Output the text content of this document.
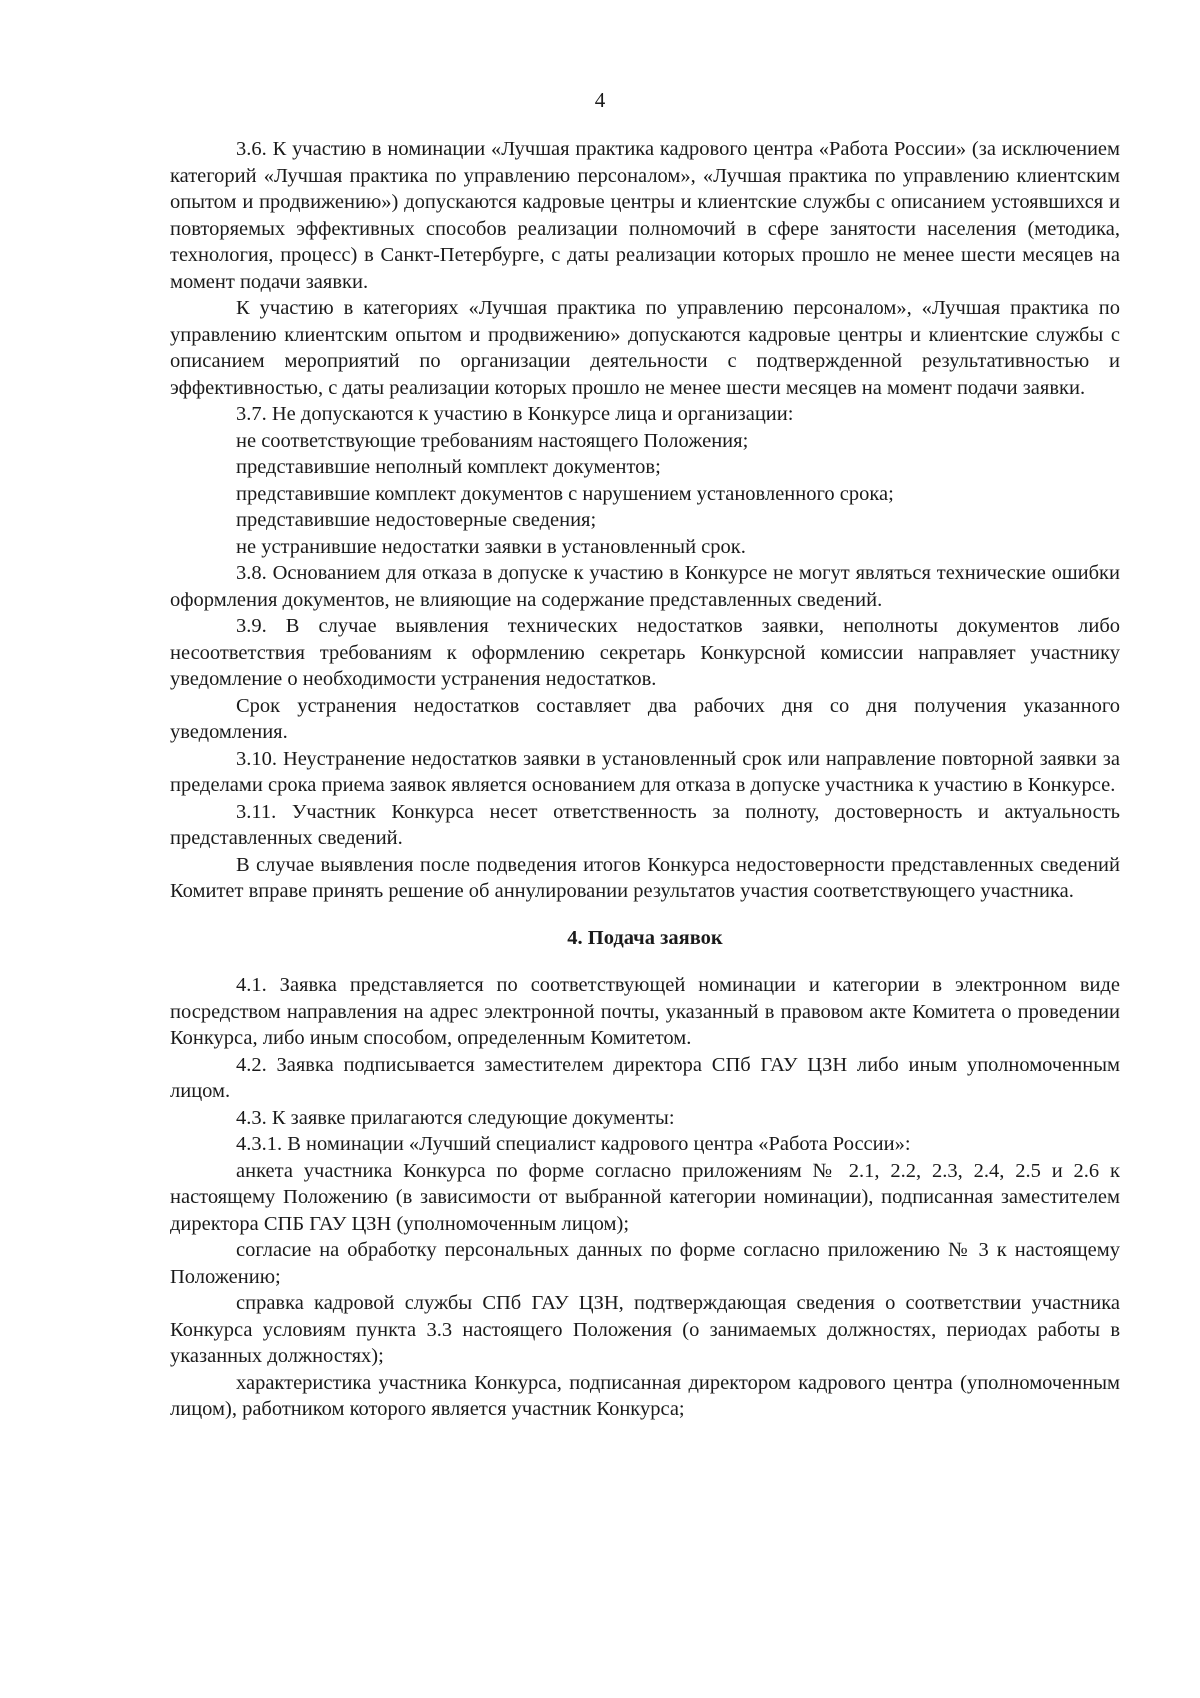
4

3.6. К участию в номинации «Лучшая практика кадрового центра «Работа России» (за исключением категорий «Лучшая практика по управлению персоналом», «Лучшая практика по управлению клиентским опытом и продвижению») допускаются кадровые центры и клиентские службы с описанием устоявшихся и повторяемых эффективных способов реализации полномочий в сфере занятости населения (методика, технология, процесс) в Санкт-Петербурге, с даты реализации которых прошло не менее шести месяцев на момент подачи заявки.

К участию в категориях «Лучшая практика по управлению персоналом», «Лучшая практика по управлению клиентским опытом и продвижению» допускаются кадровые центры и клиентские службы с описанием мероприятий по организации деятельности с подтвержденной результативностью и эффективностью, с даты реализации которых прошло не менее шести месяцев на момент подачи заявки.

3.7. Не допускаются к участию в Конкурсе лица и организации:

не соответствующие требованиям настоящего Положения;

представившие неполный комплект документов;

представившие комплект документов с нарушением установленного срока;

представившие недостоверные сведения;

не устранившие недостатки заявки в установленный срок.

3.8. Основанием для отказа в допуске к участию в Конкурсе не могут являться технические ошибки оформления документов, не влияющие на содержание представленных сведений.

3.9. В случае выявления технических недостатков заявки, неполноты документов либо несоответствия требованиям к оформлению секретарь Конкурсной комиссии направляет участнику уведомление о необходимости устранения недостатков.

Срок устранения недостатков составляет два рабочих дня со дня получения указанного уведомления.

3.10. Неустранение недостатков заявки в установленный срок или направление повторной заявки за пределами срока приема заявок является основанием для отказа в допуске участника к участию в Конкурсе.

3.11. Участник Конкурса несет ответственность за полноту, достоверность и актуальность представленных сведений.

В случае выявления после подведения итогов Конкурса недостоверности представленных сведений Комитет вправе принять решение об аннулировании результатов участия соответствующего участника.

4. Подача заявок

4.1. Заявка представляется по соответствующей номинации и категории в электронном виде посредством направления на адрес электронной почты, указанный в правовом акте Комитета о проведении Конкурса, либо иным способом, определенным Комитетом.

4.2. Заявка подписывается заместителем директора СПб ГАУ ЦЗН либо иным уполномоченным лицом.

4.3. К заявке прилагаются следующие документы:

4.3.1. В номинации «Лучший специалист кадрового центра «Работа России»:

анкета участника Конкурса по форме согласно приложениям № 2.1, 2.2, 2.3, 2.4, 2.5 и 2.6 к настоящему Положению (в зависимости от выбранной категории номинации), подписанная заместителем директора СПБ ГАУ ЦЗН (уполномоченным лицом);

согласие на обработку персональных данных по форме согласно приложению № 3 к настоящему Положению;

справка кадровой службы СПб ГАУ ЦЗН, подтверждающая сведения о соответствии участника Конкурса условиям пункта 3.3 настоящего Положения (о занимаемых должностях, периодах работы в указанных должностях);

характеристика участника Конкурса, подписанная директором кадрового центра (уполномоченным лицом), работником которого является участник Конкурса;
